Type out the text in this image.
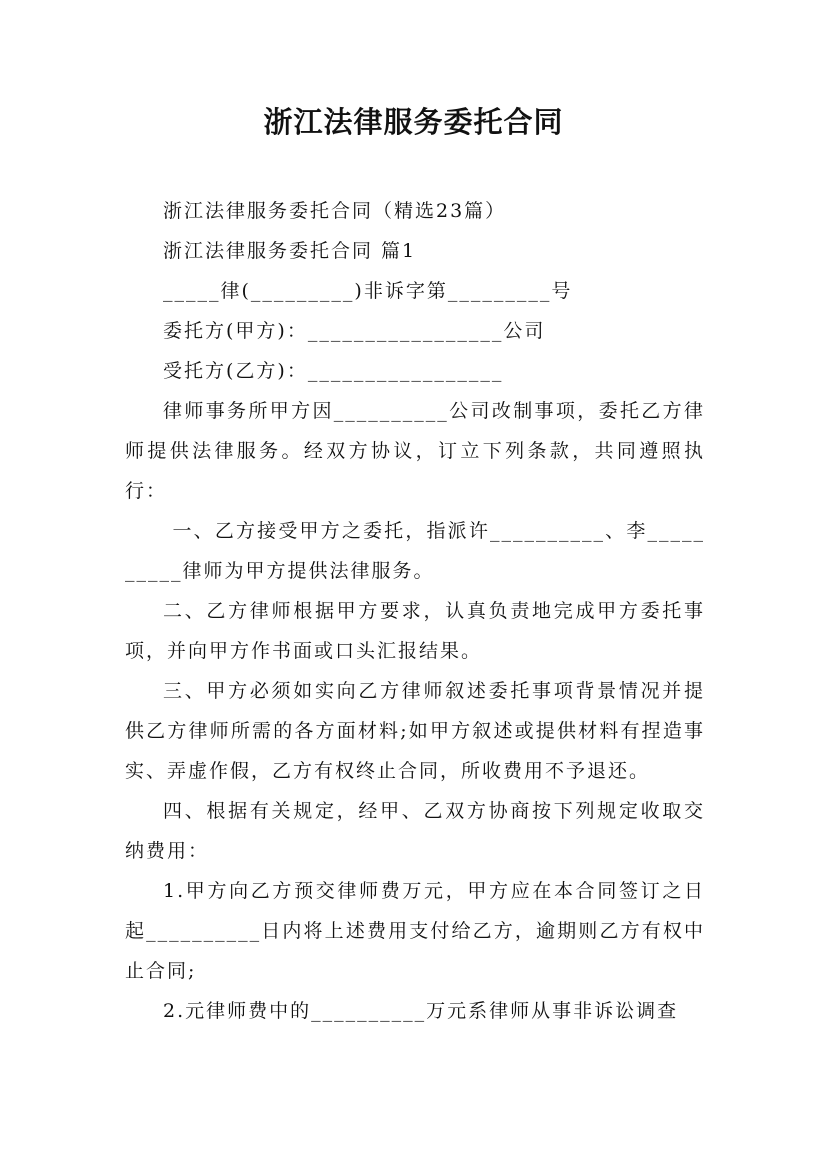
浙江法律服务委托合同

浙江法律服务委托合同（精选23篇）

浙江法律服务委托合同 篇1

_____律(_________)非诉字第_________号

委托方(甲方)：_________________公司

受托方(乙方)：_________________

律师事务所甲方因__________公司改制事项，委托乙方律师提供法律服务。经双方协议，订立下列条款，共同遵照执行：

一、乙方接受甲方之委托，指派许__________、李__________律师为甲方提供法律服务。

二、乙方律师根据甲方要求，认真负责地完成甲方委托事项，并向甲方作书面或口头汇报结果。

三、甲方必须如实向乙方律师叙述委托事项背景情况并提供乙方律师所需的各方面材料;如甲方叙述或提供材料有捏造事实、弄虚作假，乙方有权终止合同，所收费用不予退还。

四、根据有关规定，经甲、乙双方协商按下列规定收取交纳费用：

1.甲方向乙方预交律师费万元，甲方应在本合同签订之日起__________日内将上述费用支付给乙方，逾期则乙方有权中止合同;

2.元律师费中的__________万元系律师从事非诉讼调查
